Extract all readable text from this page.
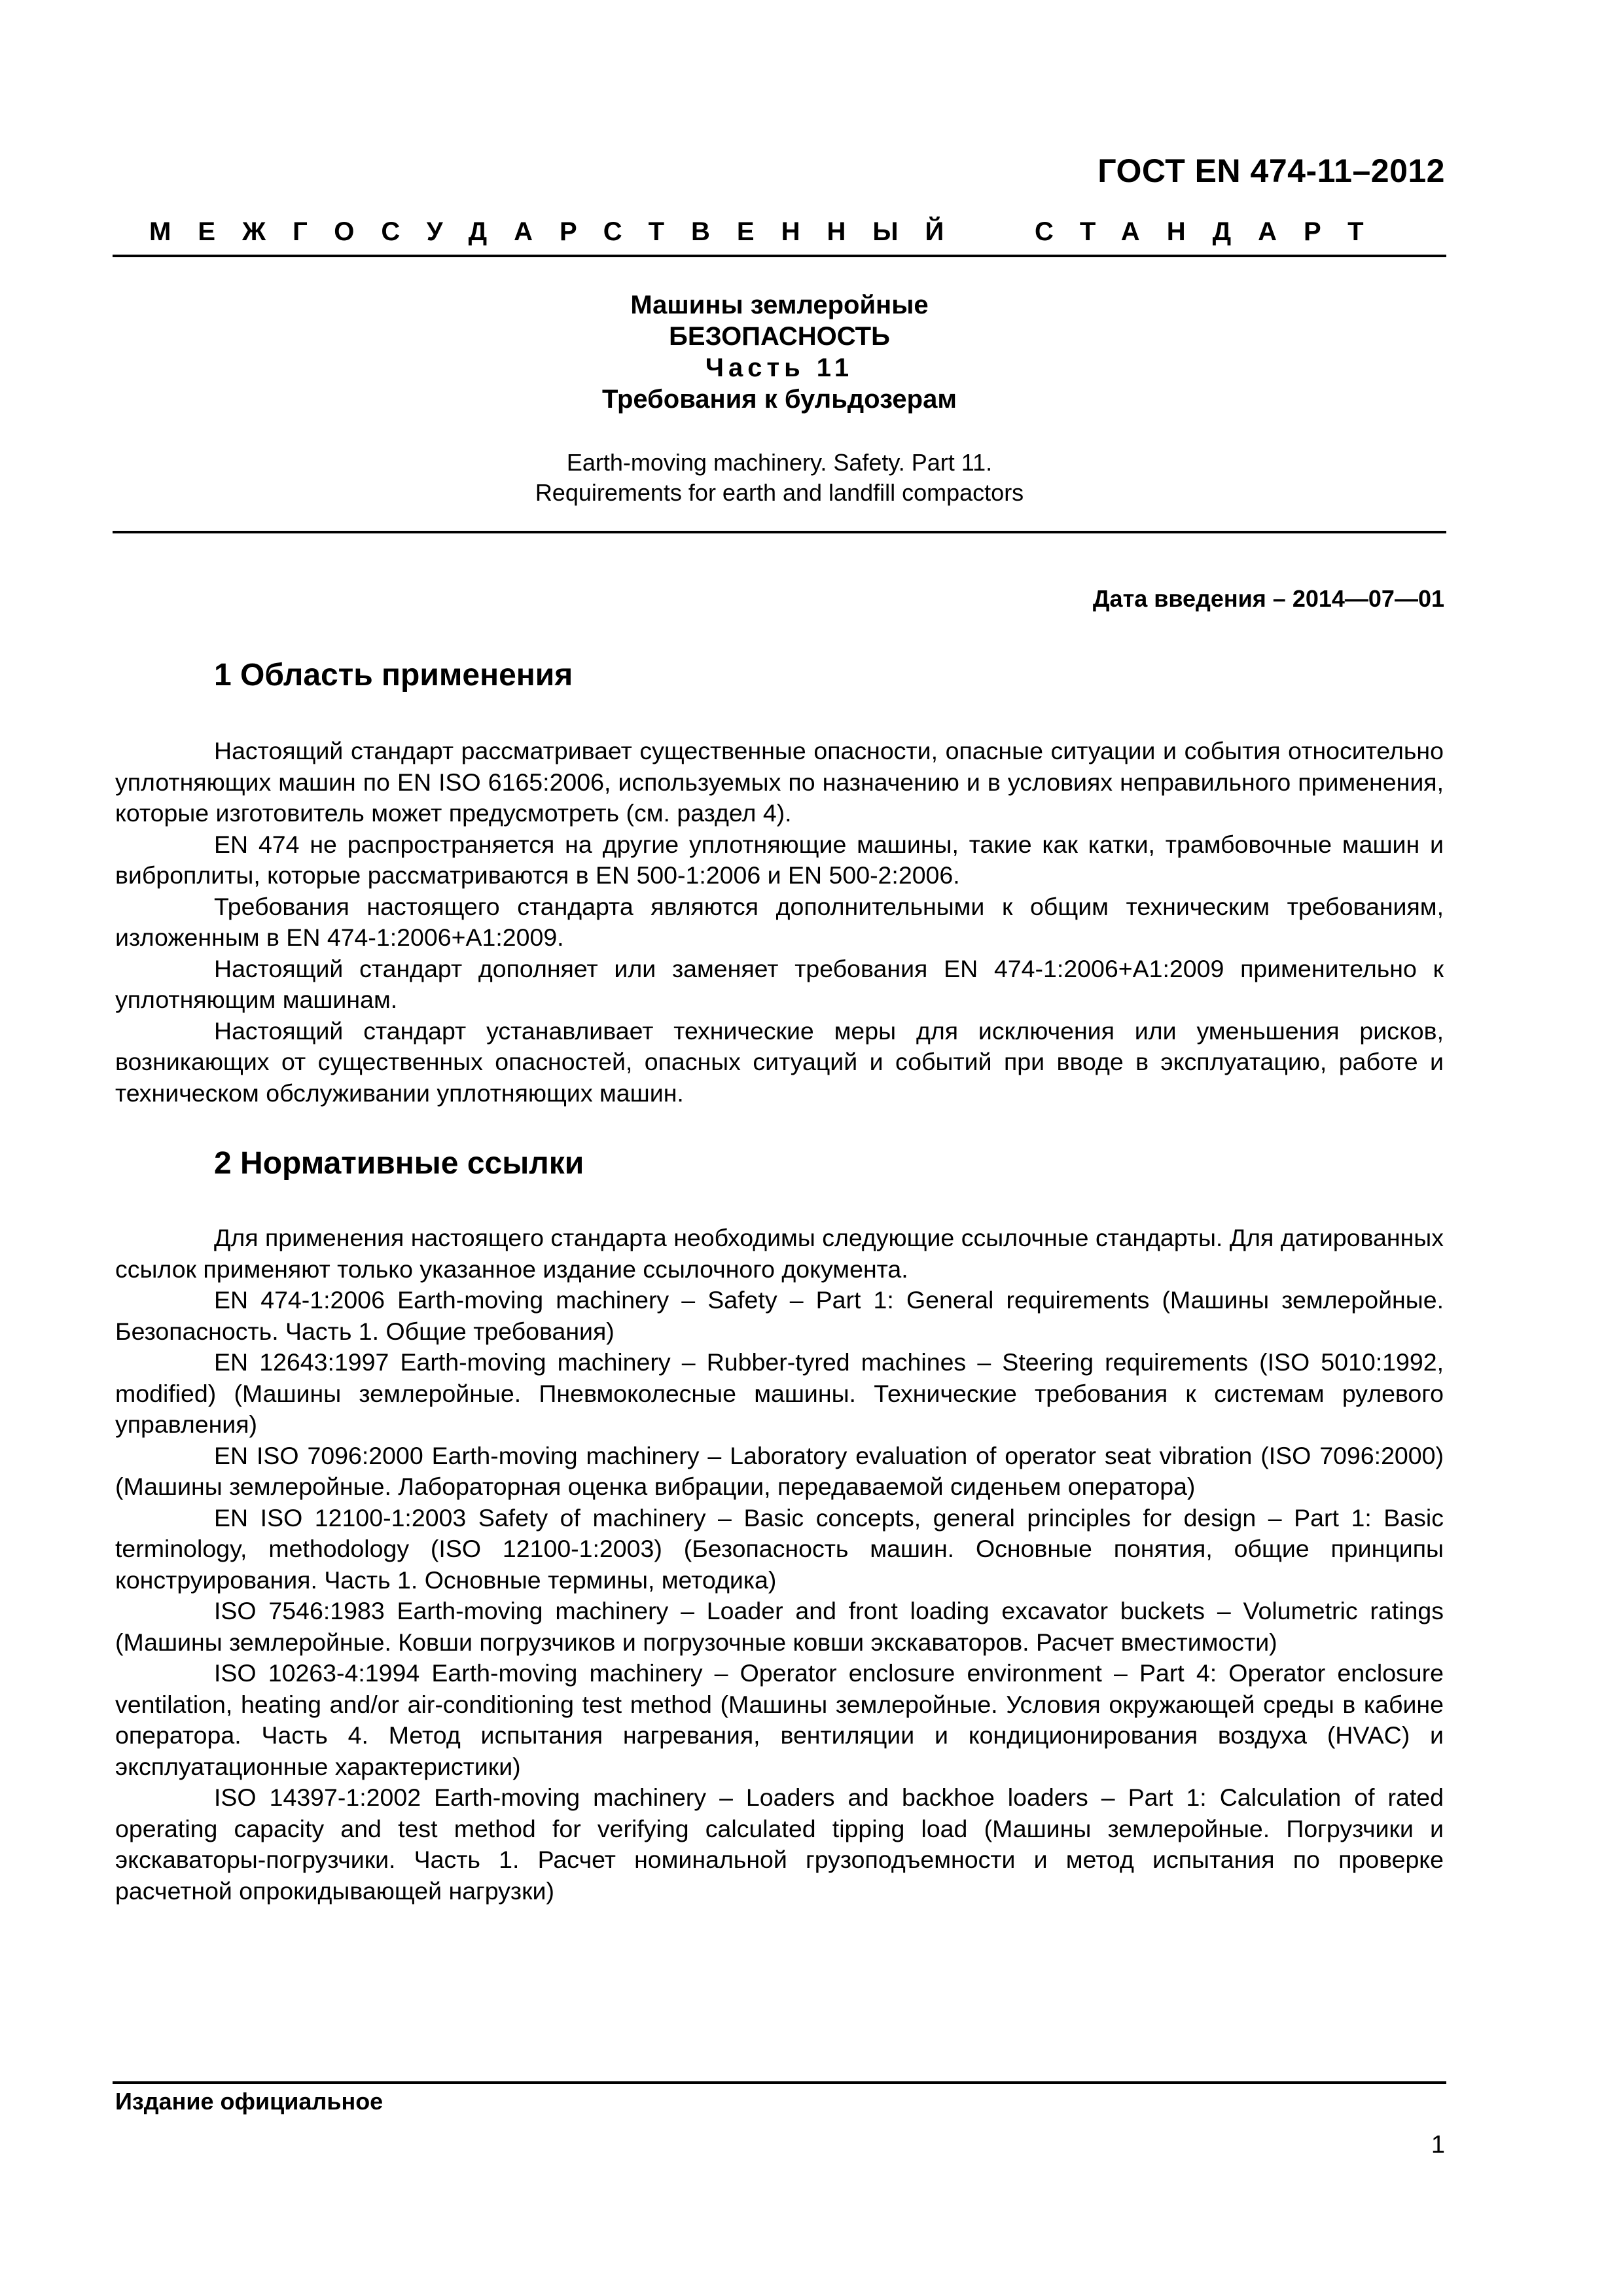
ГОСТ EN 474-11–2012
МЕЖГОСУДАРСТВЕННЫЙ СТАНДАРТ
Машины землеройные
БЕЗОПАСНОСТЬ
Часть 11
Требования к бульдозерам
Earth-moving machinery. Safety. Part 11.
Requirements for earth and landfill compactors
Дата введения – 2014—07—01
1 Область применения

Настоящий стандарт рассматривает существенные опасности, опасные ситуации и события относительно уплотняющих машин по EN ISO 6165:2006, используемых по назначению и в условиях неправильного применения, которые изготовитель может предусмотреть (см. раздел 4).

EN 474 не распространяется на другие уплотняющие машины, такие как катки, трамбовочные машин и виброплиты, которые рассматриваются в EN 500-1:2006 и EN 500-2:2006.

Требования настоящего стандарта являются дополнительными к общим техническим требованиям, изложенным в EN 474-1:2006+A1:2009.

Настоящий стандарт дополняет или заменяет требования EN 474-1:2006+A1:2009 применительно к уплотняющим машинам.

Настоящий стандарт устанавливает технические меры для исключения или уменьшения рисков, возникающих от существенных опасностей, опасных ситуаций и событий при вводе в эксплуатацию, работе и техническом обслуживании уплотняющих машин.

2 Нормативные ссылки

Для применения настоящего стандарта необходимы следующие ссылочные стандарты. Для датированных ссылок применяют только указанное издание ссылочного документа.

EN 474-1:2006 Earth-moving machinery – Safety – Part 1: General requirements (Машины землеройные. Безопасность. Часть 1. Общие требования)

EN 12643:1997 Earth-moving machinery – Rubber-tyred machines – Steering requirements (ISO 5010:1992, modified) (Машины землеройные. Пневмоколесные машины. Технические требования к системам рулевого управления)

EN ISO 7096:2000 Earth-moving machinery – Laboratory evaluation of operator seat vibration (ISO 7096:2000) (Машины землеройные. Лабораторная оценка вибрации, передаваемой сиденьем оператора)

EN ISO 12100-1:2003 Safety of machinery – Basic concepts, general principles for design – Part 1: Basic terminology, methodology (ISO 12100-1:2003) (Безопасность машин. Основные понятия, общие принципы конструирования. Часть 1. Основные термины, методика)

ISO 7546:1983 Earth-moving machinery – Loader and front loading excavator buckets – Volumetric ratings (Машины землеройные. Ковши погрузчиков и погрузочные ковши экскаваторов. Расчет вместимости)

ISO 10263-4:1994 Earth-moving machinery – Operator enclosure environment – Part 4: Operator enclosure ventilation, heating and/or air-conditioning test method (Машины землеройные. Условия окружающей среды в кабине оператора. Часть 4. Метод испытания нагревания, вентиляции и кондиционирования воздуха (HVAC) и эксплуатационные характеристики)

ISO 14397-1:2002 Earth-moving machinery – Loaders and backhoe loaders – Part 1: Calculation of rated operating capacity and test method for verifying calculated tipping load (Машины землеройные. Погрузчики и экскаваторы-погрузчики. Часть 1. Расчет номинальной грузоподъемности и метод испытания по проверке расчетной опрокидывающей нагрузки)

Издание официальное
1
